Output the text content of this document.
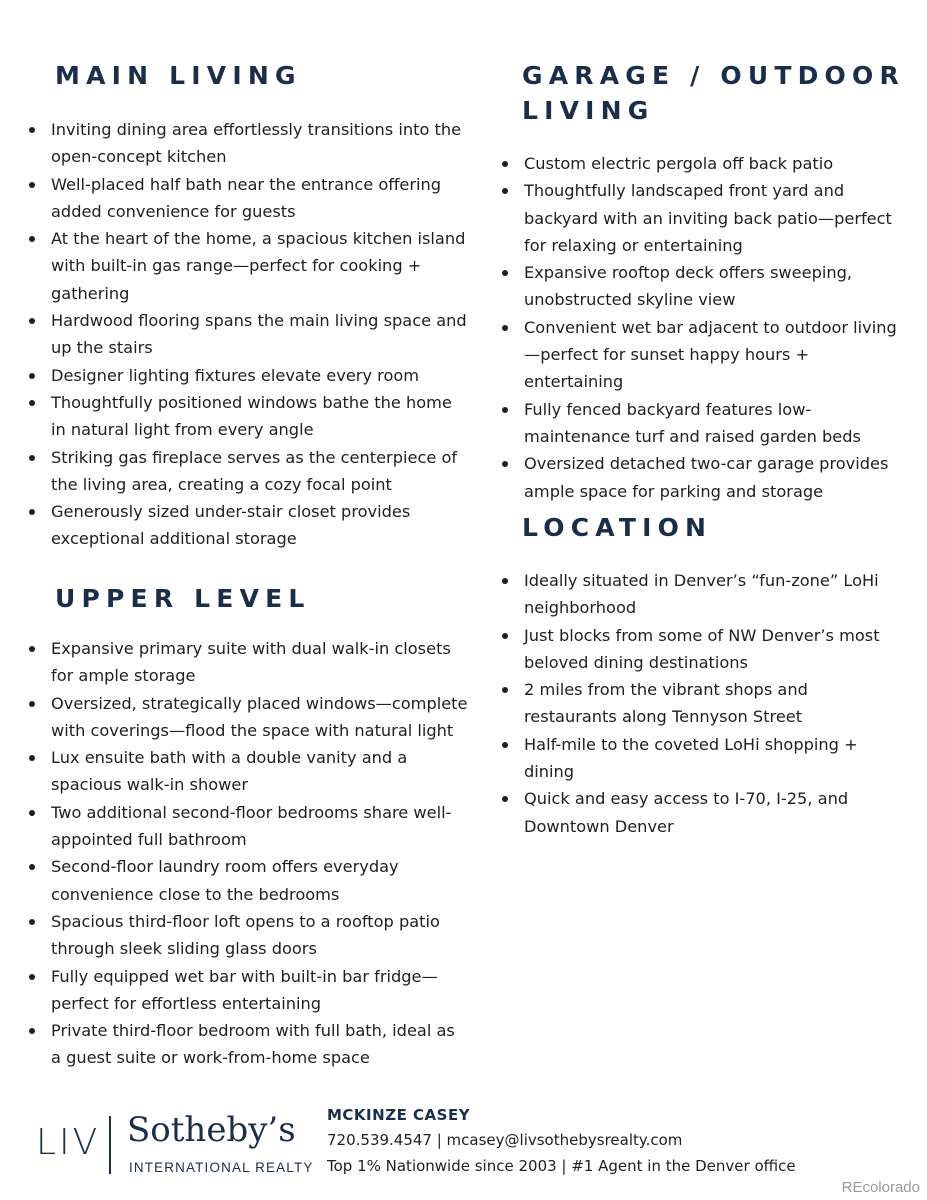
MAIN LIVING
Inviting dining area effortlessly transitions into the open-concept kitchen
Well-placed half bath near the entrance offering added convenience for guests
At the heart of the home, a spacious kitchen island with built-in gas range—perfect for cooking + gathering
Hardwood flooring spans the main living space and up the stairs
Designer lighting fixtures elevate every room
Thoughtfully positioned windows bathe the home in natural light from every angle
Striking gas fireplace serves as the centerpiece of the living area, creating a cozy focal point
Generously sized under-stair closet provides exceptional additional storage
UPPER LEVEL
Expansive primary suite with dual walk-in closets for ample storage
Oversized, strategically placed windows—complete with coverings—flood the space with natural light
Lux ensuite bath with a double vanity and a spacious walk-in shower
Two additional second-floor bedrooms share well-appointed full bathroom
Second-floor laundry room offers everyday convenience close to the bedrooms
Spacious third-floor loft opens to a rooftop patio through sleek sliding glass doors
Fully equipped wet bar with built-in bar fridge—perfect for effortless entertaining
Private third-floor bedroom with full bath, ideal as a guest suite or work-from-home space
GARAGE / OUTDOOR LIVING
Custom electric pergola off back patio
Thoughtfully landscaped front yard and backyard with an inviting back patio—perfect for relaxing or entertaining
Expansive rooftop deck offers sweeping, unobstructed skyline view
Convenient wet bar adjacent to outdoor living —perfect for sunset happy hours + entertaining
Fully fenced backyard features low-maintenance turf and raised garden beds
Oversized detached two-car garage provides ample space for parking and storage
LOCATION
Ideally situated in Denver’s “fun-zone” LoHi neighborhood
Just blocks from some of NW Denver’s most beloved dining destinations
2 miles from the vibrant shops and restaurants along Tennyson Street
Half-mile to the coveted LoHi shopping + dining
Quick and easy access to I-70, I-25, and Downtown Denver
LIV Sotheby’s
INTERNATIONAL REALTY
MCKINZE CASEY
720.539.4547 | mcasey@livsothebysrealty.com
Top 1% Nationwide since 2003 | #1 Agent in the Denver office
REcolorado
